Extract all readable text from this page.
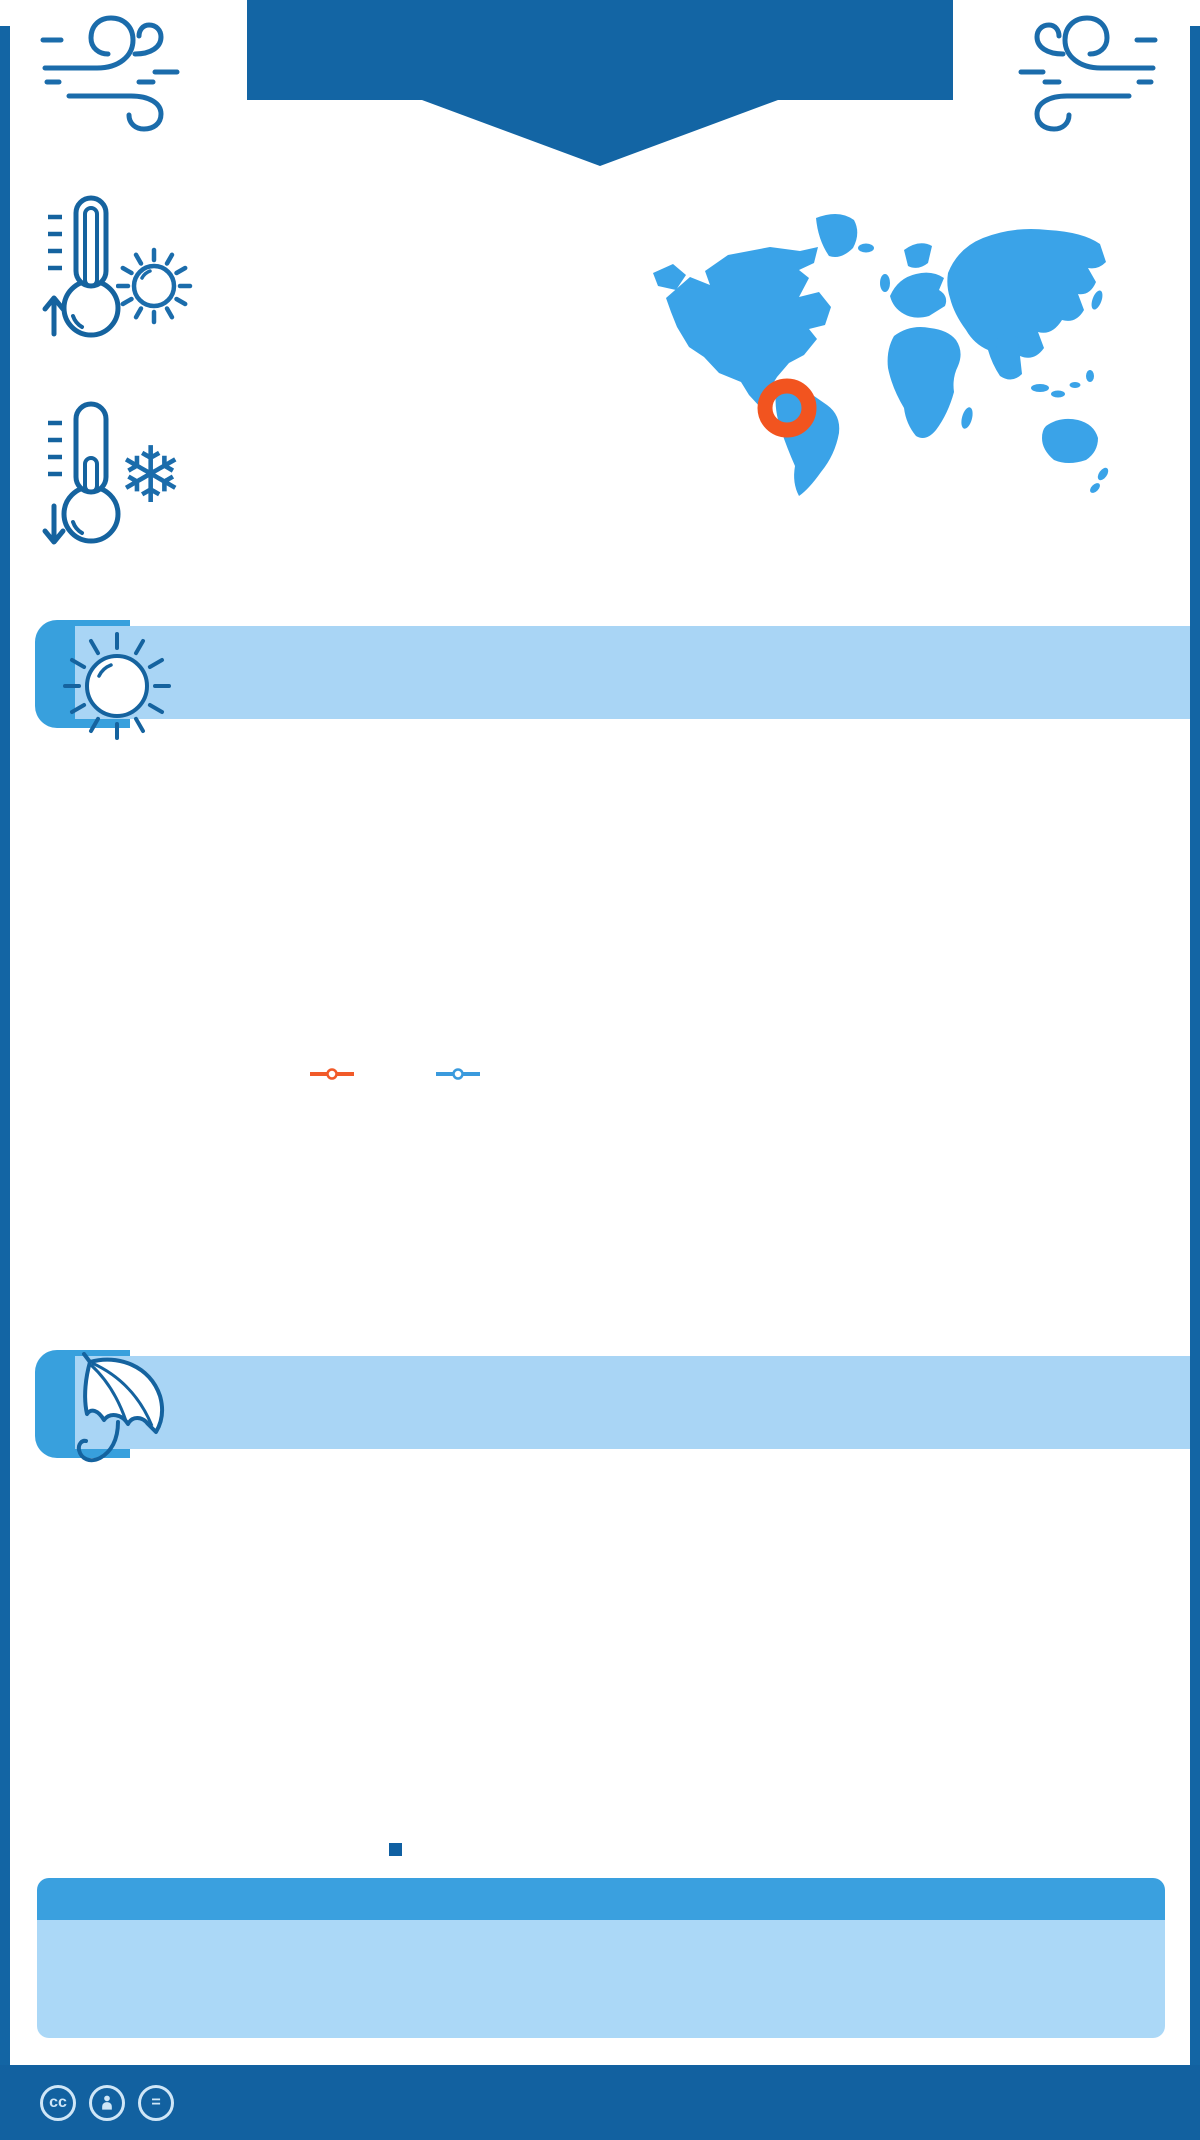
❄

cc	=
